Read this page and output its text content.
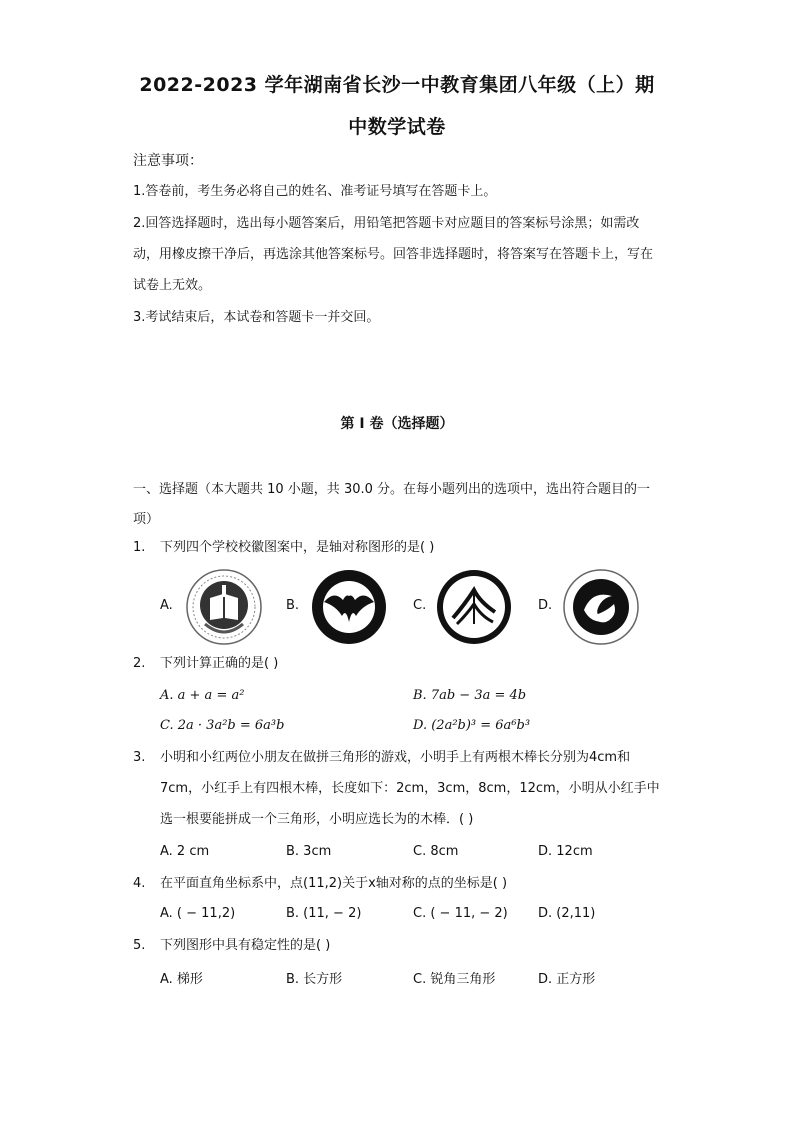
2022-2023 学年湖南省长沙一中教育集团八年级（上）期
中数学试卷
注意事项：
1.答卷前，考生务必将自己的姓名、准考证号填写在答题卡上。
2.回答选择题时，选出每小题答案后，用铅笔把答题卡对应题目的答案标号涂黑；如需改动，用橡皮擦干净后，再选涂其他答案标号。回答非选择题时，将答案写在答题卡上，写在试卷上无效。
3.考试结束后，本试卷和答题卡一并交回。
第 I 卷（选择题）
一、选择题（本大题共 10 小题，共 30.0 分。在每小题列出的选项中，选出符合题目的一项）
1. 下列四个学校校徽图案中，是轴对称图形的是( )
A.	B.	C.	D.
2. 下列计算正确的是( )
A. a + a = a²	B. 7ab − 3a = 4b
C. 2a · 3a²b = 6a³b	D. (2a²b)³ = 6a⁶b³
3. 小明和小红两位小朋友在做拼三角形的游戏，小明手上有两根木棒长分别为4cm和7cm，小红手上有四根木棒，长度如下：2cm，3cm，8cm，12cm，小明从小红手中选一根要能拼成一个三角形，小明应选长为的木棒．( )
A. 2 cm	B. 3cm	C. 8cm	D. 12cm
4. 在平面直角坐标系中，点(11,2)关于x轴对称的点的坐标是( )
A. ( − 11,2)	B. (11, − 2)	C. ( − 11, − 2) D. (2,11)
5. 下列图形中具有稳定性的是( )
A. 梯形	B. 长方形	C. 锐角三角形	D. 正方形
